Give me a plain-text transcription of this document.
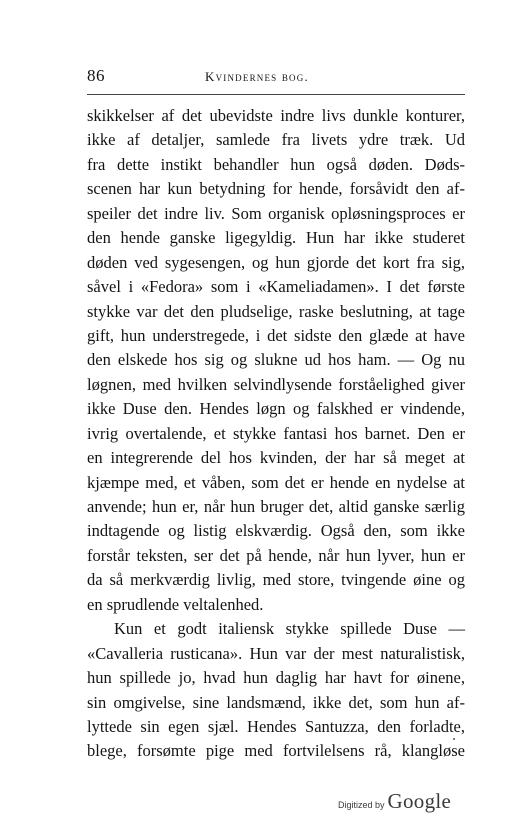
86	Kvindernes bog.
skikkelser af det ubevidste indre livs dunkle konturer,
ikke af detaljer, samlede fra livets ydre træk. Ud
fra dette instikt behandler hun også døden. Døds-
scenen har kun betydning for hende, forsåvidt den af-
speiler det indre liv. Som organisk opløsningsproces er
den hende ganske ligegyldig. Hun har ikke studeret
døden ved sygesengen, og hun gjorde det kort fra sig,
såvel i «Fedora» som i «Kameliadamen». I det første
stykke var det den pludselige, raske beslutning, at tage
gift, hun understregede, i det sidste den glæde at have
den elskede hos sig og slukne ud hos ham. — Og nu
løgnen, med hvilken selvindlysende forståelighed giver
ikke Duse den. Hendes løgn og falskhed er vindende,
ivrig overtalende, et stykke fantasi hos barnet. Den er
en integrerende del hos kvinden, der har så meget at
kjæmpe med, et våben, som det er hende en nydelse at
anvende; hun er, når hun bruger det, altid ganske særlig
indtagende og listig elskværdig. Også den, som ikke
forstår teksten, ser det på hende, når hun lyver, hun er
da så merkværdig livlig, med store, tvingende øine og
en sprudlende veltalenhed.
Kun et godt italiensk stykke spillede Duse —
«Cavalleria rusticana». Hun var der mest naturalistisk,
hun spillede jo, hvad hun daglig har havt for øinene,
sin omgivelse, sine landsmænd, ikke det, som hun af-
lyttede sin egen sjæl. Hendes Santuzza, den forladte,
blege, forsømte pige med fortvilelsens rå, klangløse
Digitized by Google
